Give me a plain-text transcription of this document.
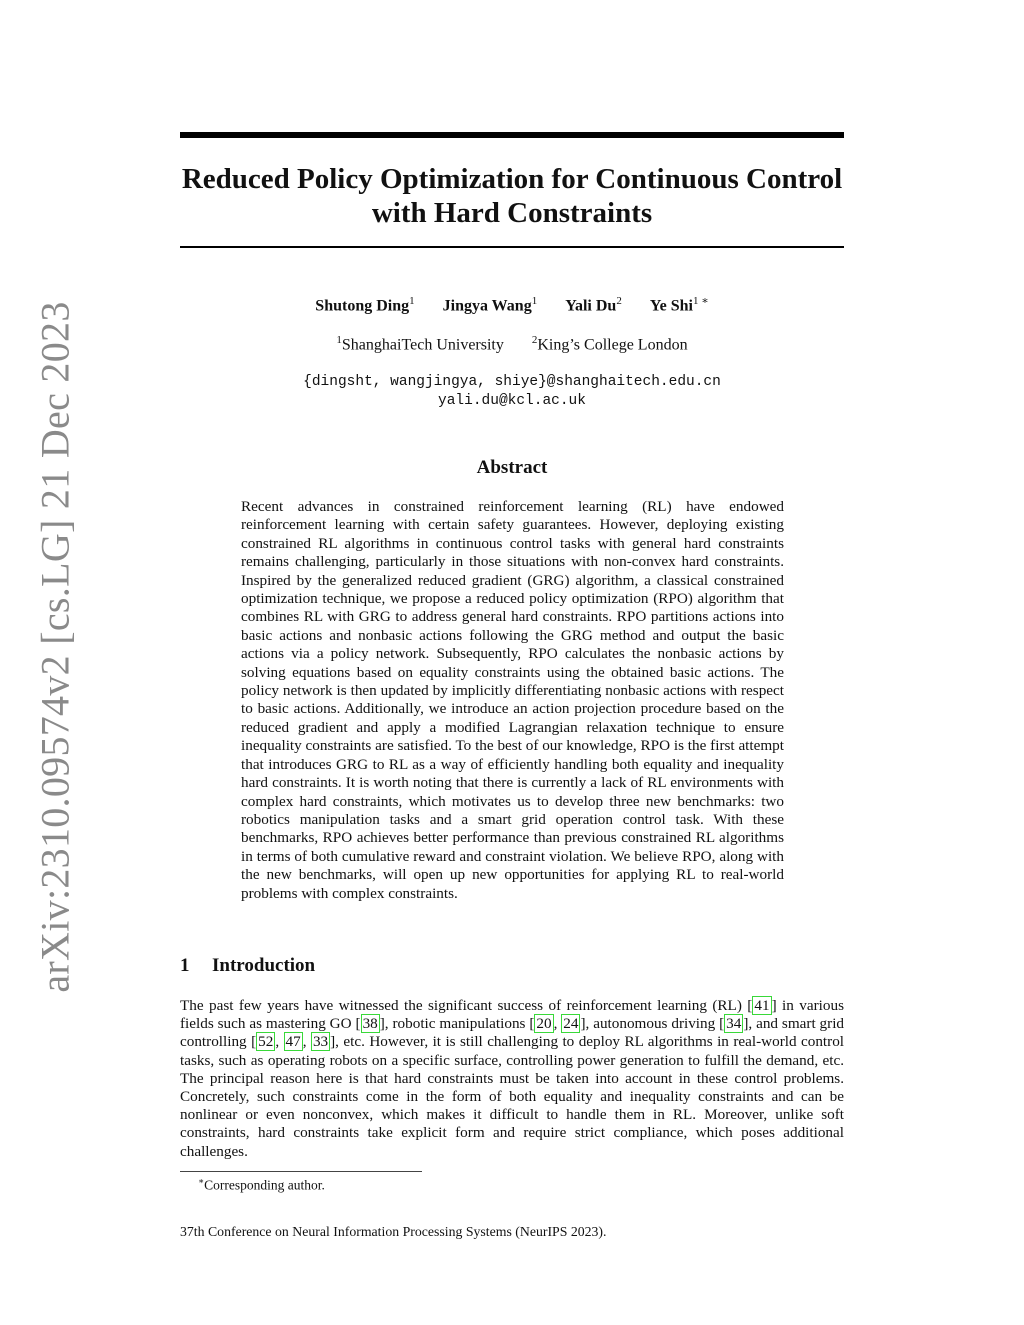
arXiv:2310.09574v2 [cs.LG] 21 Dec 2023
Reduced Policy Optimization for Continuous Control
with Hard Constraints
Shutong Ding$^1$ Jingya Wang$^1$ Yali Du$^2$ Ye Shi$^{1 ∗}$
$^1$ShanghaiTech University	$^2$King’s College London
{dingsht, wangjingya, shiye}@shanghaitech.edu.cn
yali.du@kcl.ac.uk
Abstract
Recent advances in constrained reinforcement learning (RL) have endowed reinforcement learning with certain safety guarantees. However, deploying existing constrained RL algorithms in continuous control tasks with general hard constraints remains challenging, particularly in those situations with non-convex hard constraints. Inspired by the generalized reduced gradient (GRG) algorithm, a classical constrained optimization technique, we propose a reduced policy optimization (RPO) algorithm that combines RL with GRG to address general hard constraints. RPO partitions actions into basic actions and nonbasic actions following the GRG method and output the basic actions via a policy network. Subsequently, RPO calculates the nonbasic actions by solving equations based on equality constraints using the obtained basic actions. The policy network is then updated by implicitly differentiating nonbasic actions with respect to basic actions. Additionally, we introduce an action projection procedure based on the reduced gradient and apply a modified Lagrangian relaxation technique to ensure inequality constraints are satisfied. To the best of our knowledge, RPO is the first attempt that introduces GRG to RL as a way of efficiently handling both equality and inequality hard constraints. It is worth noting that there is currently a lack of RL environments with complex hard constraints, which motivates us to develop three new benchmarks: two robotics manipulation tasks and a smart grid operation control task. With these benchmarks, RPO achieves better performance than previous constrained RL algorithms in terms of both cumulative reward and constraint violation. We believe RPO, along with the new benchmarks, will open up new opportunities for applying RL to real-world problems with complex constraints.
1 Introduction
The past few years have witnessed the significant success of reinforcement learning (RL) [ 41 ] in various fields such as mastering GO [ 38 ], robotic manipulations [ 20 , 24 ], autonomous driving [ 34 ], and smart grid controlling [ 52 , 47 , 33 ], etc. However, it is still challenging to deploy RL algorithms in real-world control tasks, such as operating robots on a specific surface, controlling power generation to fulfill the demand, etc. The principal reason here is that hard constraints must be taken into account in these control problems. Concretely, such constraints come in the form of both equality and inequality constraints and can be nonlinear or even nonconvex, which makes it difficult to handle them in RL. Moreover, unlike soft constraints, hard constraints take explicit form and require strict compliance, which poses additional challenges.
∗Corresponding author.
37th Conference on Neural Information Processing Systems (NeurIPS 2023).
